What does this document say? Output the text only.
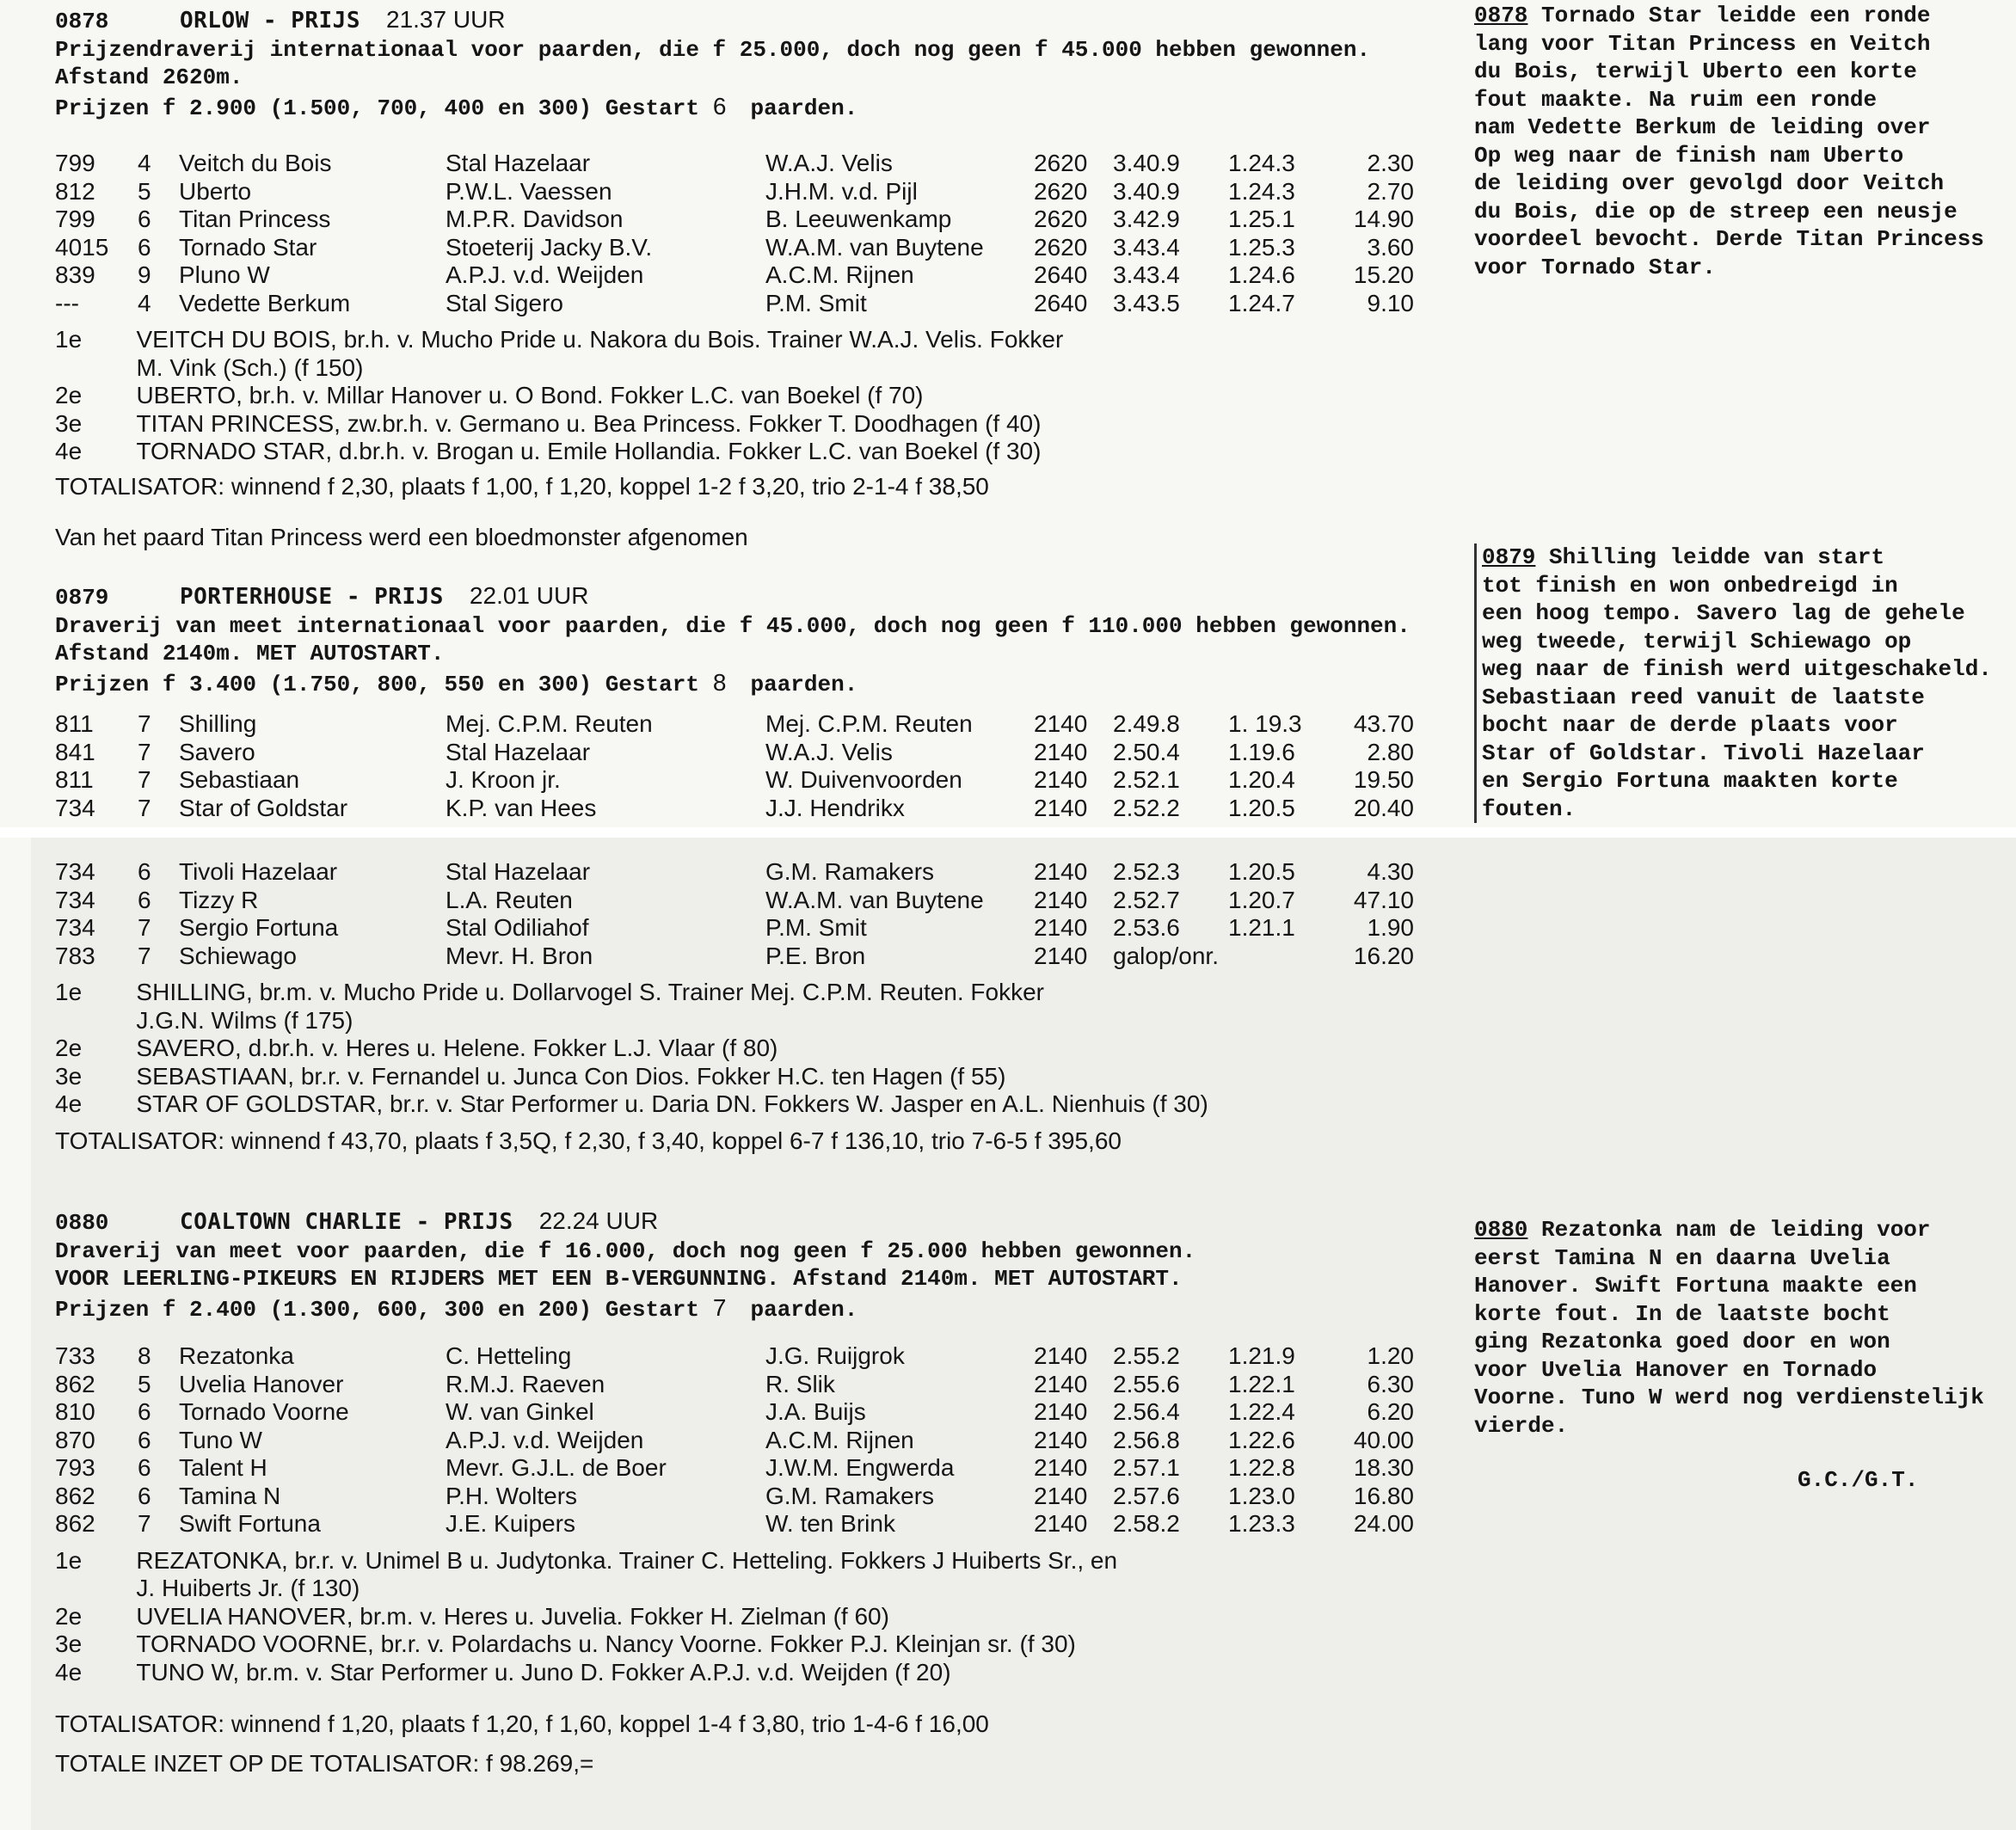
0878	ORLOW - PRIJS 21.37 UUR
Prijzendraverij internationaal voor paarden, die f 25.000, doch nog geen f 45.000 hebben gewonnen.
Afstand 2620m.
Prijzen f 2.900 (1.500, 700, 400 en 300) Gestart 6 paarden.
799	4	Veitch du Bois	Stal Hazelaar	W.A.J. Velis	2620	3.40.9	1.24.3	2.30
812	5	Uberto	P.W.L. Vaessen	J.H.M. v.d. Pijl	2620	3.40.9	1.24.3	2.70
799	6	Titan Princess	M.P.R. Davidson	B. Leeuwenkamp	2620	3.42.9	1.25.1	14.90
4015	6	Tornado Star	Stoeterij Jacky B.V.	W.A.M. van Buytene	2620	3.43.4	1.25.3	3.60
839	9	Pluno W	A.P.J. v.d. Weijden	A.C.M. Rijnen	2640	3.43.4	1.24.6	15.20
---	4	Vedette Berkum	Stal Sigero	P.M. Smit	2640	3.43.5	1.24.7	9.10
1e	VEITCH DU BOIS, br.h. v. Mucho Pride u. Nakora du Bois. Trainer W.A.J. Velis. Fokker
M. Vink (Sch.) (f 150)

2e	UBERTO, br.h. v. Millar Hanover u. O Bond. Fokker L.C. van Boekel (f 70)
3e	TITAN PRINCESS, zw.br.h. v. Germano u. Bea Princess. Fokker T. Doodhagen (f 40)
4e	TORNADO STAR, d.br.h. v. Brogan u. Emile Hollandia. Fokker L.C. van Boekel (f 30)
TOTALISATOR: winnend f 2,30, plaats f 1,00, f 1,20, koppel 1-2 f 3,20, trio 2-1-4 f 38,50
Van het paard Titan Princess werd een bloedmonster afgenomen
0878 Tornado Star leidde een ronde
lang voor Titan Princess en Veitch
du Bois, terwijl Uberto een korte
fout maakte. Na ruim een ronde
nam Vedette Berkum de leiding over
Op weg naar de finish nam Uberto
de leiding over gevolgd door Veitch
du Bois, die op de streep een neusje
voordeel bevocht. Derde Titan Princess
voor Tornado Star.
0879	PORTERHOUSE - PRIJS 22.01 UUR
Draverij van meet internationaal voor paarden, die f 45.000, doch nog geen f 110.000 hebben gewonnen.
Afstand 2140m. MET AUTOSTART.
Prijzen f 3.400 (1.750, 800, 550 en 300) Gestart 8 paarden.
811	7	Shilling	Mej. C.P.M. Reuten	Mej. C.P.M. Reuten	2140	2.49.8	1. 19.3	43.70
841	7	Savero	Stal Hazelaar	W.A.J. Velis	2140	2.50.4	1.19.6	2.80
811	7	Sebastiaan	J. Kroon jr.	W. Duivenvoorden	2140	2.52.1	1.20.4	19.50
734	7	Star of Goldstar	K.P. van Hees	J.J. Hendrikx	2140	2.52.2	1.20.5	20.40

734	6	Tivoli Hazelaar	Stal Hazelaar	G.M. Ramakers	2140	2.52.3	1.20.5	4.30
734	6	Tizzy R	L.A. Reuten	W.A.M. van Buytene	2140	2.52.7	1.20.7	47.10
734	7	Sergio Fortuna	Stal Odiliahof	P.M. Smit	2140	2.53.6	1.21.1	1.90
783	7	Schiewago	Mevr. H. Bron	P.E. Bron	2140	galop/onr.		16.20
1e	SHILLING, br.m. v. Mucho Pride u. Dollarvogel S. Trainer Mej. C.P.M. Reuten. Fokker
J.G.N. Wilms (f 175)

2e	SAVERO, d.br.h. v. Heres u. Helene. Fokker L.J. Vlaar (f 80)
3e	SEBASTIAAN, br.r. v. Fernandel u. Junca Con Dios. Fokker H.C. ten Hagen (f 55)
4e	STAR OF GOLDSTAR, br.r. v. Star Performer u. Daria DN. Fokkers W. Jasper en A.L. Nienhuis (f 30)
TOTALISATOR: winnend f 43,70, plaats f 3,5Q, f 2,30, f 3,40, koppel 6-7 f 136,10, trio 7-6-5 f 395,60
0879 Shilling leidde van start
tot finish en won onbedreigd in
een hoog tempo. Savero lag de gehele
weg tweede, terwijl Schiewago op
weg naar de finish werd uitgeschakeld.
Sebastiaan reed vanuit de laatste
bocht naar de derde plaats voor
Star of Goldstar. Tivoli Hazelaar
en Sergio Fortuna maakten korte
fouten.
0880	COALTOWN CHARLIE - PRIJS 22.24 UUR
Draverij van meet voor paarden, die f 16.000, doch nog geen f 25.000 hebben gewonnen.
VOOR LEERLING-PIKEURS EN RIJDERS MET EEN B-VERGUNNING. Afstand 2140m. MET AUTOSTART.
Prijzen f 2.400 (1.300, 600, 300 en 200) Gestart 7 paarden.
733	8	Rezatonka	C. Hetteling	J.G. Ruijgrok	2140	2.55.2	1.21.9	1.20
862	5	Uvelia Hanover	R.M.J. Raeven	R. Slik	2140	2.55.6	1.22.1	6.30
810	6	Tornado Voorne	W. van Ginkel	J.A. Buijs	2140	2.56.4	1.22.4	6.20
870	6	Tuno W	A.P.J. v.d. Weijden	A.C.M. Rijnen	2140	2.56.8	1.22.6	40.00
793	6	Talent H	Mevr. G.J.L. de Boer	J.W.M. Engwerda	2140	2.57.1	1.22.8	18.30
862	6	Tamina N	P.H. Wolters	G.M. Ramakers	2140	2.57.6	1.23.0	16.80
862	7	Swift Fortuna	J.E. Kuipers	W. ten Brink	2140	2.58.2	1.23.3	24.00
1e	REZATONKA, br.r. v. Unimel B u. Judytonka. Trainer C. Hetteling. Fokkers J Huiberts Sr., en
J. Huiberts Jr. (f 130)

2e	UVELIA HANOVER, br.m. v. Heres u. Juvelia. Fokker H. Zielman (f 60)
3e	TORNADO VOORNE, br.r. v. Polardachs u. Nancy Voorne. Fokker P.J. Kleinjan sr. (f 30)
4e	TUNO W, br.m. v. Star Performer u. Juno D. Fokker A.P.J. v.d. Weijden (f 20)
TOTALISATOR: winnend f 1,20, plaats f 1,20, f 1,60, koppel 1-4 f 3,80, trio 1-4-6 f 16,00
TOTALE INZET OP DE TOTALISATOR: f 98.269,=
0880 Rezatonka nam de leiding voor
eerst Tamina N en daarna Uvelia
Hanover. Swift Fortuna maakte een
korte fout. In de laatste bocht
ging Rezatonka goed door en won
voor Uvelia Hanover en Tornado
Voorne. Tuno W werd nog verdienstelijk
vierde.
G.C./G.T.
